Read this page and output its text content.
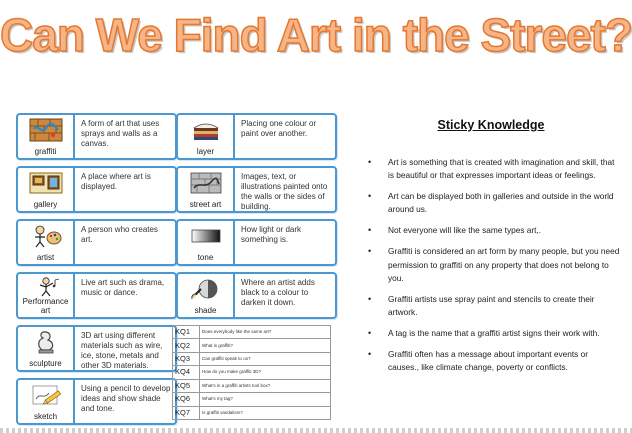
Can We Find Art in the Street?
graffiti
A form of art that uses sprays and walls as a canvas.
gallery
A place where art is displayed.
artist
A person who creates art.
Performance art
Live art such as drama, music or dance.
sculpture
3D art using different materials such as wire, ice, stone, metals and other 3D materials.
sketch
Using a pencil to develop ideas and show shade and tone.
layer
Placing one colour or paint over another.
street art
Images, text, or illustrations painted onto the walls or the sides of building.
tone
How light or dark something is.
shade
Where an artist adds black to a colour to darken it down.
KQ1	Does everybody like the same art?
KQ2	What is graffiti?
KQ3	Can graffiti speak to us?
KQ4	How do you make graffiti 3D?
KQ5	What's in a graffiti artists tool box?
KQ6	What's my tag?
KQ7	Is graffiti vandalism?
Sticky Knowledge
• Art is something that is created with imagination and skill, that is beautiful or that expresses important ideas or feelings.
• Art can be displayed both in galleries and outside in the world around us.
• Not everyone will like the same types art,.
• Graffiti is considered an art form by many people, but you need permission to graffiti on any property that does not belong to you.
• Graffiti artists use spray paint and stencils to create their artwork.
• A tag is the name that a graffiti artist signs their work with.
• Graffiti often has a message about important events or causes., like climate change, poverty or conflicts.
